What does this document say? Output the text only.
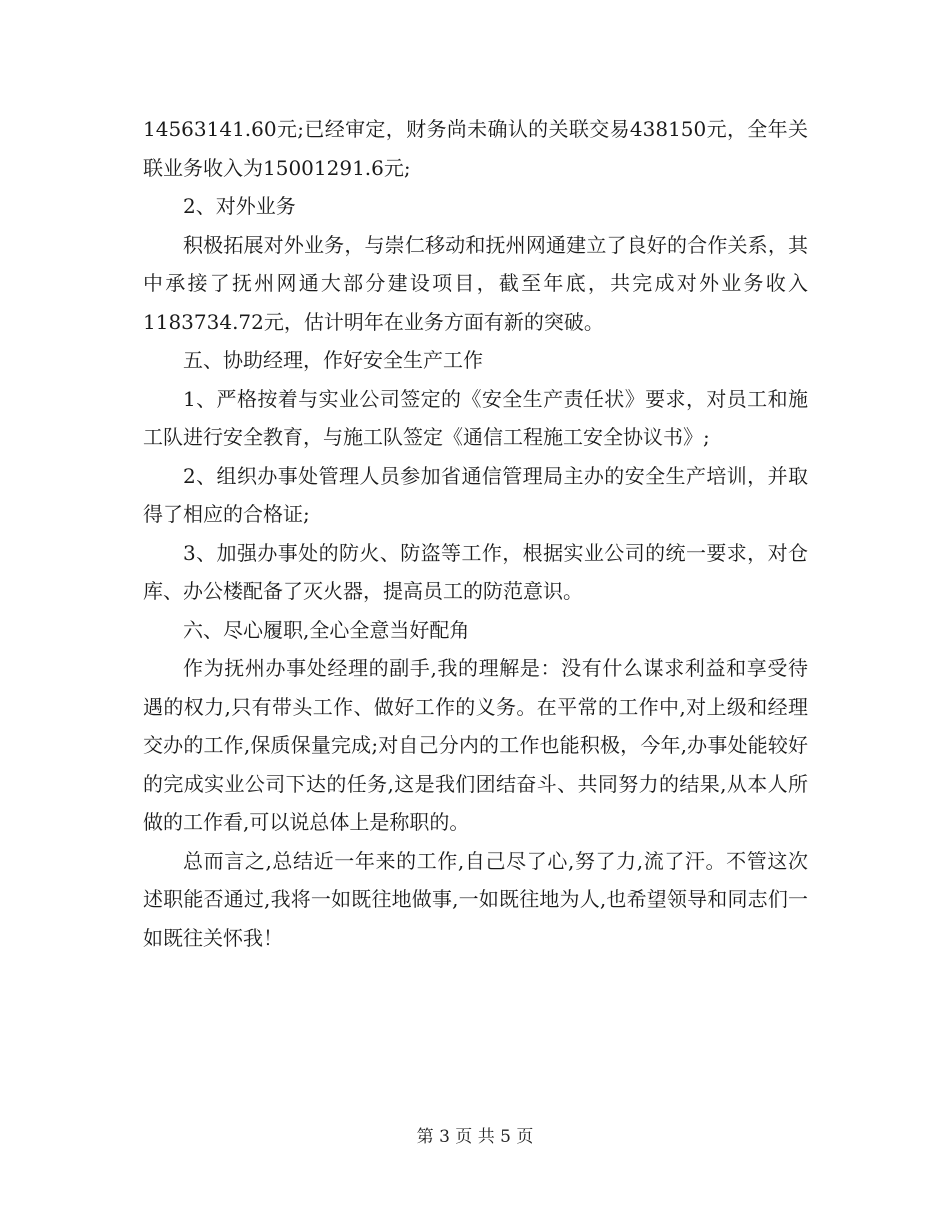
14563141.60元;已经审定，财务尚未确认的关联交易438150元，全年关联业务收入为15001291.6元;

2、对外业务

积极拓展对外业务，与崇仁移动和抚州网通建立了良好的合作关系，其中承接了抚州网通大部分建设项目，截至年底，共完成对外业务收入1183734.72元，估计明年在业务方面有新的突破。

五、协助经理，作好安全生产工作

1、严格按着与实业公司签定的《安全生产责任状》要求，对员工和施工队进行安全教育，与施工队签定《通信工程施工安全协议书》;

2、组织办事处管理人员参加省通信管理局主办的安全生产培训，并取得了相应的合格证;

3、加强办事处的防火、防盗等工作，根据实业公司的统一要求，对仓库、办公楼配备了灭火器，提高员工的防范意识。

六、尽心履职,全心全意当好配角

作为抚州办事处经理的副手,我的理解是：没有什么谋求利益和享受待遇的权力,只有带头工作、做好工作的义务。在平常的工作中,对上级和经理交办的工作,保质保量完成;对自己分内的工作也能积极，今年,办事处能较好的完成实业公司下达的任务,这是我们团结奋斗、共同努力的结果,从本人所做的工作看,可以说总体上是称职的。

总而言之,总结近一年来的工作,自己尽了心,努了力,流了汗。不管这次述职能否通过,我将一如既往地做事,一如既往地为人,也希望领导和同志们一如既往关怀我！

第 3 页 共 5 页
